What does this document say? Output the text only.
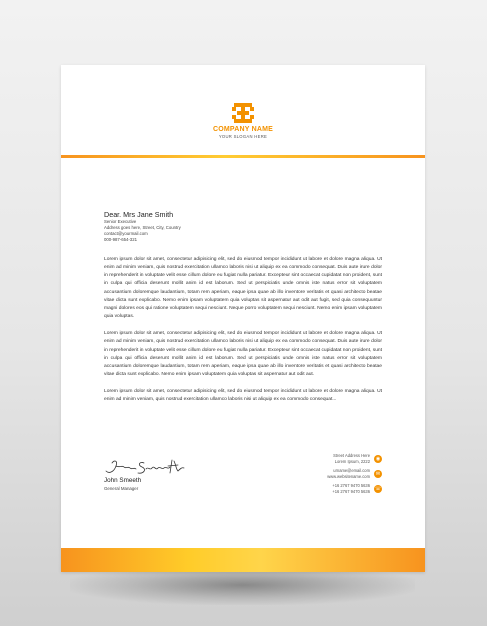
COMPANY NAME
YOUR SLOGAN HERE
Dear. Mrs Jane Smith
Senior Executive
Address goes here, Street, City, Country
contact@yourmail.com
000-987-654-321

Lorem ipsum dolor sit amet, consectetur adipisicing elit, sed do eiusmod tempor incididunt ut labore et dolore magna aliqua. Ut enim ad minim veniam, quis nostrud exercitation ullamco laboris nisi ut aliquip ex ea commodo consequat. Duis aute irure dolor in reprehenderit in voluptate velit esse cillum dolore eu fugiat nulla pariatur. Excepteur sint occaecat cupidatat non proident, sunt in culpa qui officia deserunt mollit anim id est laborum. Sed ut perspiciatis unde omnis iste natus error sit voluptatem accusantium doloremque laudantium, totam rem aperiam, eaque ipsa quae ab illo inventore veritatis et quasi architecto beatae vitae dicta sunt explicabo. Nemo enim ipsam voluptatem quia voluptas sit aspernatur aut odit aut fugit, sed quia consequuntur magni dolores eos qui ratione voluptatem sequi nesciunt. Neque porro voluptatem sequi nesciunt. Nemo enim ipsam voluptatem quia voluptas.

Lorem ipsum dolor sit amet, consectetur adipisicing elit, sed do eiusmod tempor incididunt ut labore et dolore magna aliqua. Ut enim ad minim veniam, quis nostrud exercitation ullamco laboris nisi ut aliquip ex ea commodo consequat. Duis aute irure dolor in reprehenderit in voluptate velit esse cillum dolore eu fugiat nulla pariatur. Excepteur sint occaecat cupidatat non proident, sunt in culpa qui officia deserunt mollit anim id est laborum. Sed ut perspiciatis unde omnis iste natus error sit voluptatem accusantium doloremque laudantium, totam rem aperiam, eaque ipsa quae ab illo inventore veritatis et quasi architecto beatae vitae dicta sunt explicabo. Nemo enim ipsam voluptatem quia voluptas sit aspernatur aut odit aut.

Lorem ipsum dolor sit amet, consectetur adipisicing elit, sed do eiusmod tempor incididunt ut labore et dolore magna aliqua. Ut enim ad minim veniam, quis nostrud exercitation ullamco laboris nisi ut aliquip ex ea commodo consequat...

John Smeeth
General Manager
Street Address Here
Lorem Ipsum, 2222	◉
urname@email.com
www.websitename.com	✉
+16 2767 9470 5636
+16 2767 9470 5636 ☏
